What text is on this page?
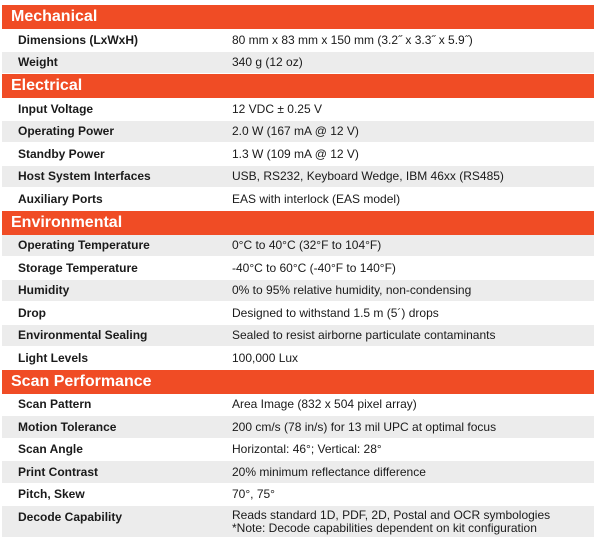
Mechanical
Dimensions (LxWxH)	80 mm x 83 mm x 150 mm (3.2˝ x 3.3˝ x 5.9˝)
Weight	340 g (12 oz)
Electrical
Input Voltage	12 VDC ± 0.25 V
Operating Power	2.0 W (167 mA @ 12 V)
Standby Power	1.3 W (109 mA @ 12 V)
Host System Interfaces	USB, RS232, Keyboard Wedge, IBM 46xx (RS485)
Auxiliary Ports	EAS with interlock (EAS model)
Environmental
Operating Temperature	0°C to 40°C (32°F to 104°F)
Storage Temperature	-40°C to 60°C (-40°F to 140°F)
Humidity	0% to 95% relative humidity, non-condensing
Drop	Designed to withstand 1.5 m (5´) drops
Environmental Sealing	Sealed to resist airborne particulate contaminants
Light Levels	100,000 Lux
Scan Performance
Scan Pattern	Area Image (832 x 504 pixel array)
Motion Tolerance	200 cm/s (78 in/s) for 13 mil UPC at optimal focus
Scan Angle	Horizontal: 46°; Vertical: 28°
Print Contrast	20% minimum reflectance difference
Pitch, Skew	70°, 75°
Decode Capability	Reads standard 1D, PDF, 2D, Postal and OCR symbologies
*Note: Decode capabilities dependent on kit configuration
